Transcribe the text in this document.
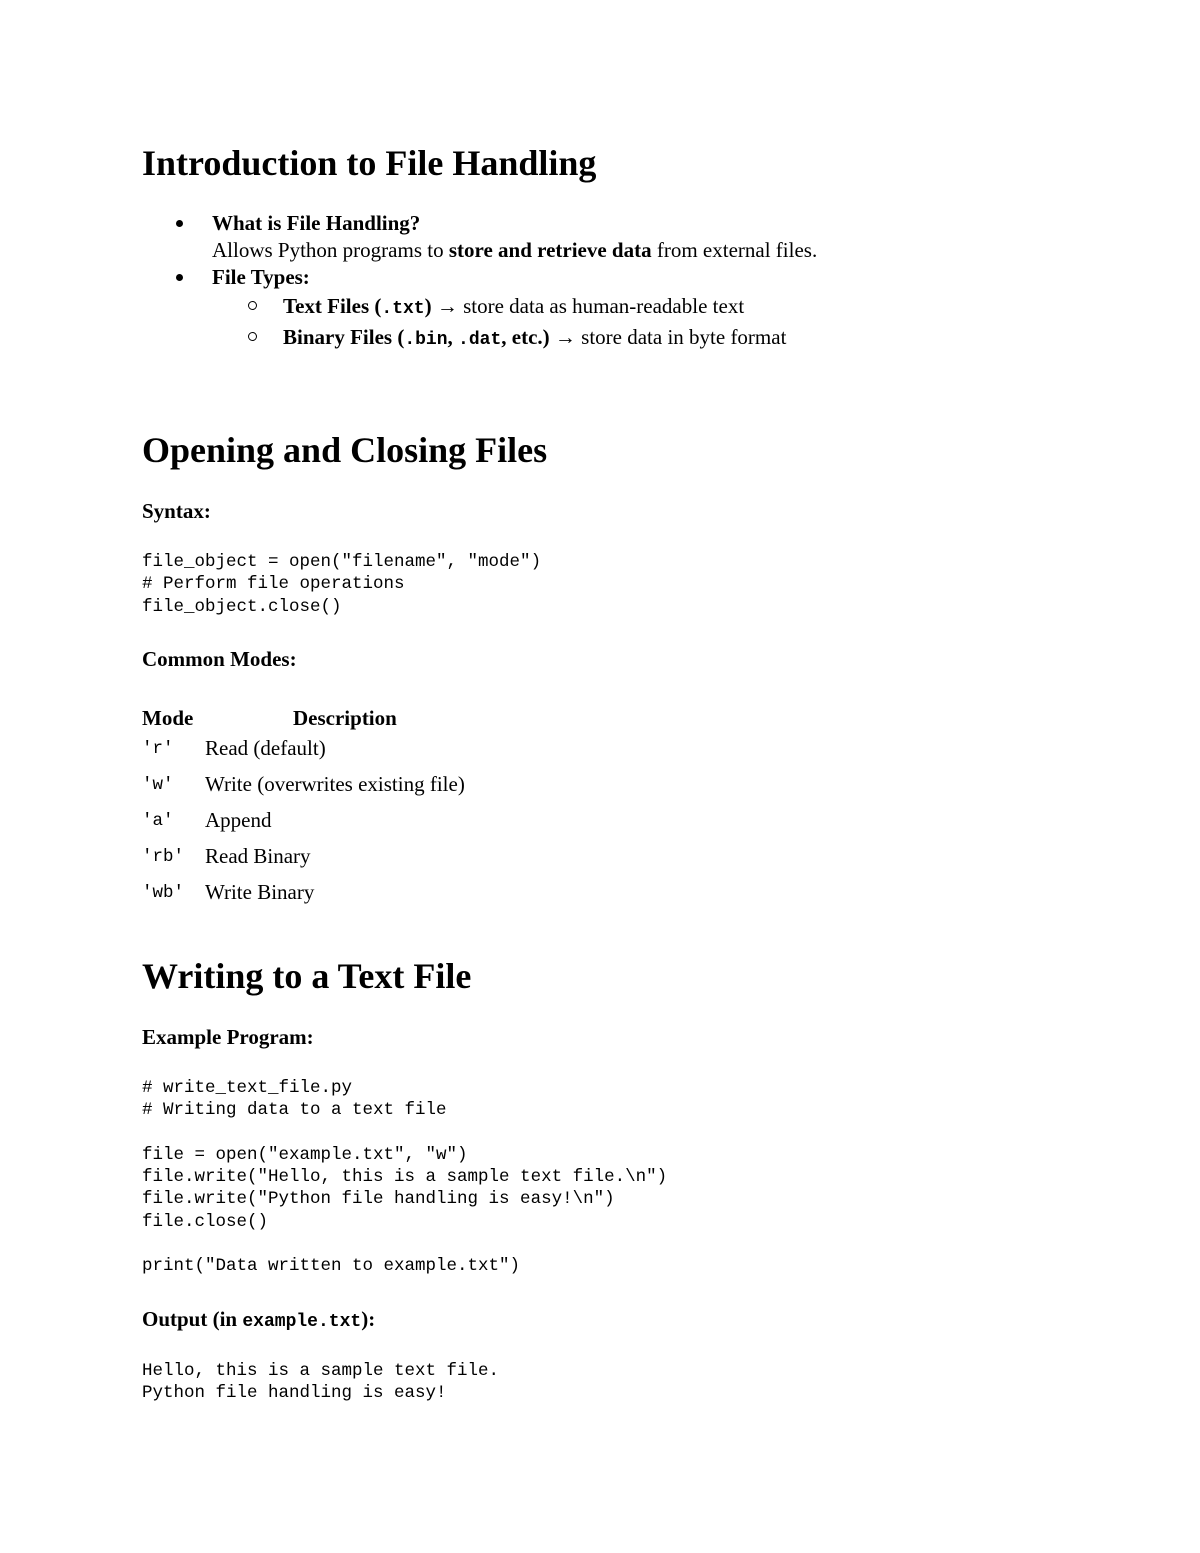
Introduction to File Handling
What is File Handling?
Allows Python programs to store and retrieve data from external files.
File Types:
Text Files (.txt) → store data as human-readable text
Binary Files (.bin, .dat, etc.) → store data in byte format
Opening and Closing Files
Syntax:
file_object = open("filename", "mode")
# Perform file operations
file_object.close()
Common Modes:
Mode	Description
'r'	Read (default)
'w'	Write (overwrites existing file)
'a'	Append
'rb'	Read Binary
'wb'	Write Binary
Writing to a Text File
Example Program:
# write_text_file.py
# Writing data to a text file
file = open("example.txt", "w")
file.write("Hello, this is a sample text file.\n")
file.write("Python file handling is easy!\n")
file.close()
print("Data written to example.txt")
Output (in example.txt):
Hello, this is a sample text file.
Python file handling is easy!
